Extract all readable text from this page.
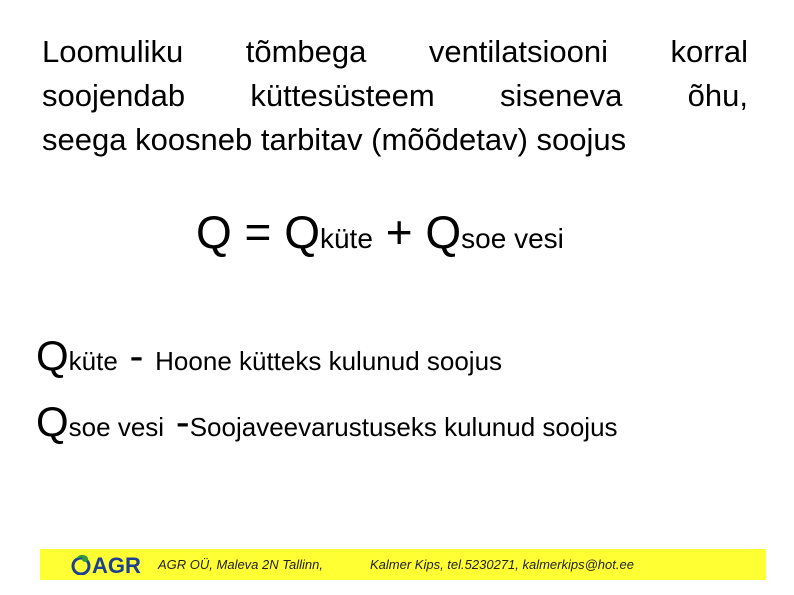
Loomuliku tõmbega ventilatsiooni korral
soojendab küttesüsteem siseneva õhu,
seega koosneb tarbitav (mõõdetav) soojus
Q = Qküte + Qsoe vesi
Qküte - Hoone kütteks kulunud soojus
Qsoe vesi -Soojaveevarustuseks kulunud soojus
AGR AGR OÜ, Maleva 2N Tallinn,	Kalmer Kips, tel.5230271, kalmerkips@hot.ee
